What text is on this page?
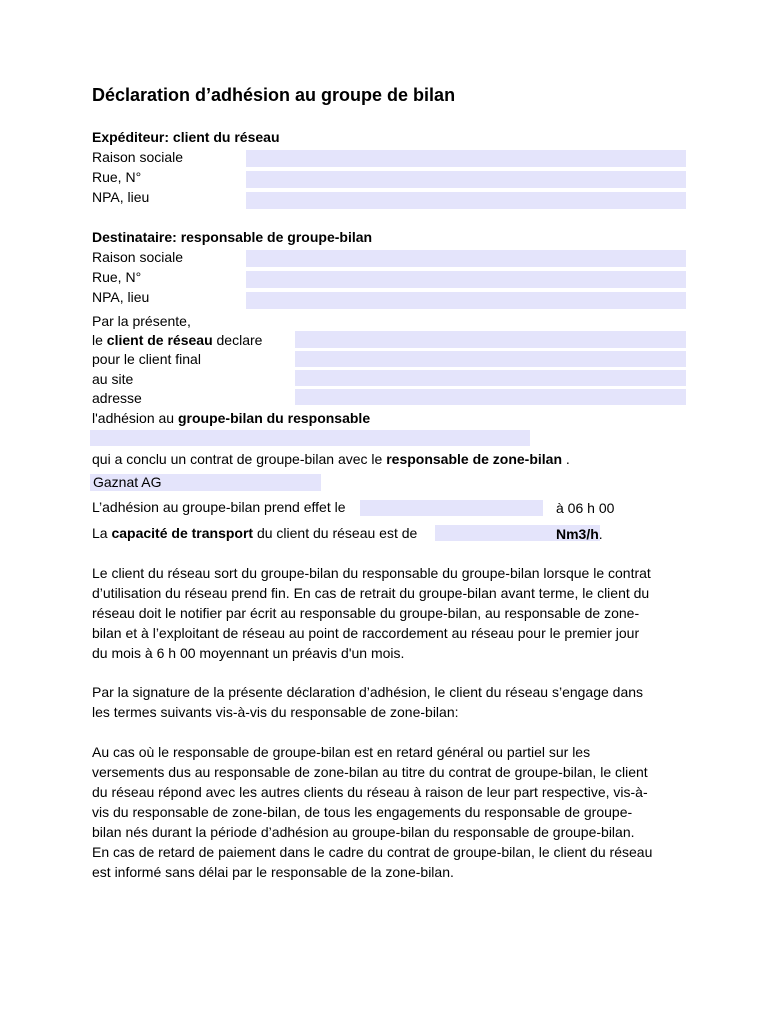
Déclaration d’adhésion au groupe de bilan
Expéditeur: client du réseau
Raison sociale
Rue, N°
NPA, lieu
Destinataire: responsable de groupe-bilan
Raison sociale
Rue, N°
NPA, lieu
Par la présente,
le client de réseau declare
pour le client final
au site
adresse
l'adhésion au groupe-bilan du responsable
qui a conclu un contrat de groupe-bilan avec le responsable de zone-bilan .
Gaznat AG
L’adhésion au groupe-bilan prend effet le	à 06 h 00
La capacité de transport du client du réseau est de	Nm3/h.
Le client du réseau sort du groupe-bilan du responsable du groupe-bilan lorsque le contrat
d’utilisation du réseau prend fin. En cas de retrait du groupe-bilan avant terme, le client du
réseau doit le notifier par écrit au responsable du groupe-bilan, au responsable de zone-
bilan et à l’exploitant de réseau au point de raccordement au réseau pour le premier jour
du mois à 6 h 00 moyennant un préavis d'un mois.
Par la signature de la présente déclaration d’adhésion, le client du réseau s’engage dans
les termes suivants vis-à-vis du responsable de zone-bilan:
Au cas où le responsable de groupe-bilan est en retard général ou partiel sur les
versements dus au responsable de zone-bilan au titre du contrat de groupe-bilan, le client
du réseau répond avec les autres clients du réseau à raison de leur part respective, vis-à-
vis du responsable de zone-bilan, de tous les engagements du responsable de groupe-
bilan nés durant la période d’adhésion au groupe-bilan du responsable de groupe-bilan.
En cas de retard de paiement dans le cadre du contrat de groupe-bilan, le client du réseau
est informé sans délai par le responsable de la zone-bilan.
